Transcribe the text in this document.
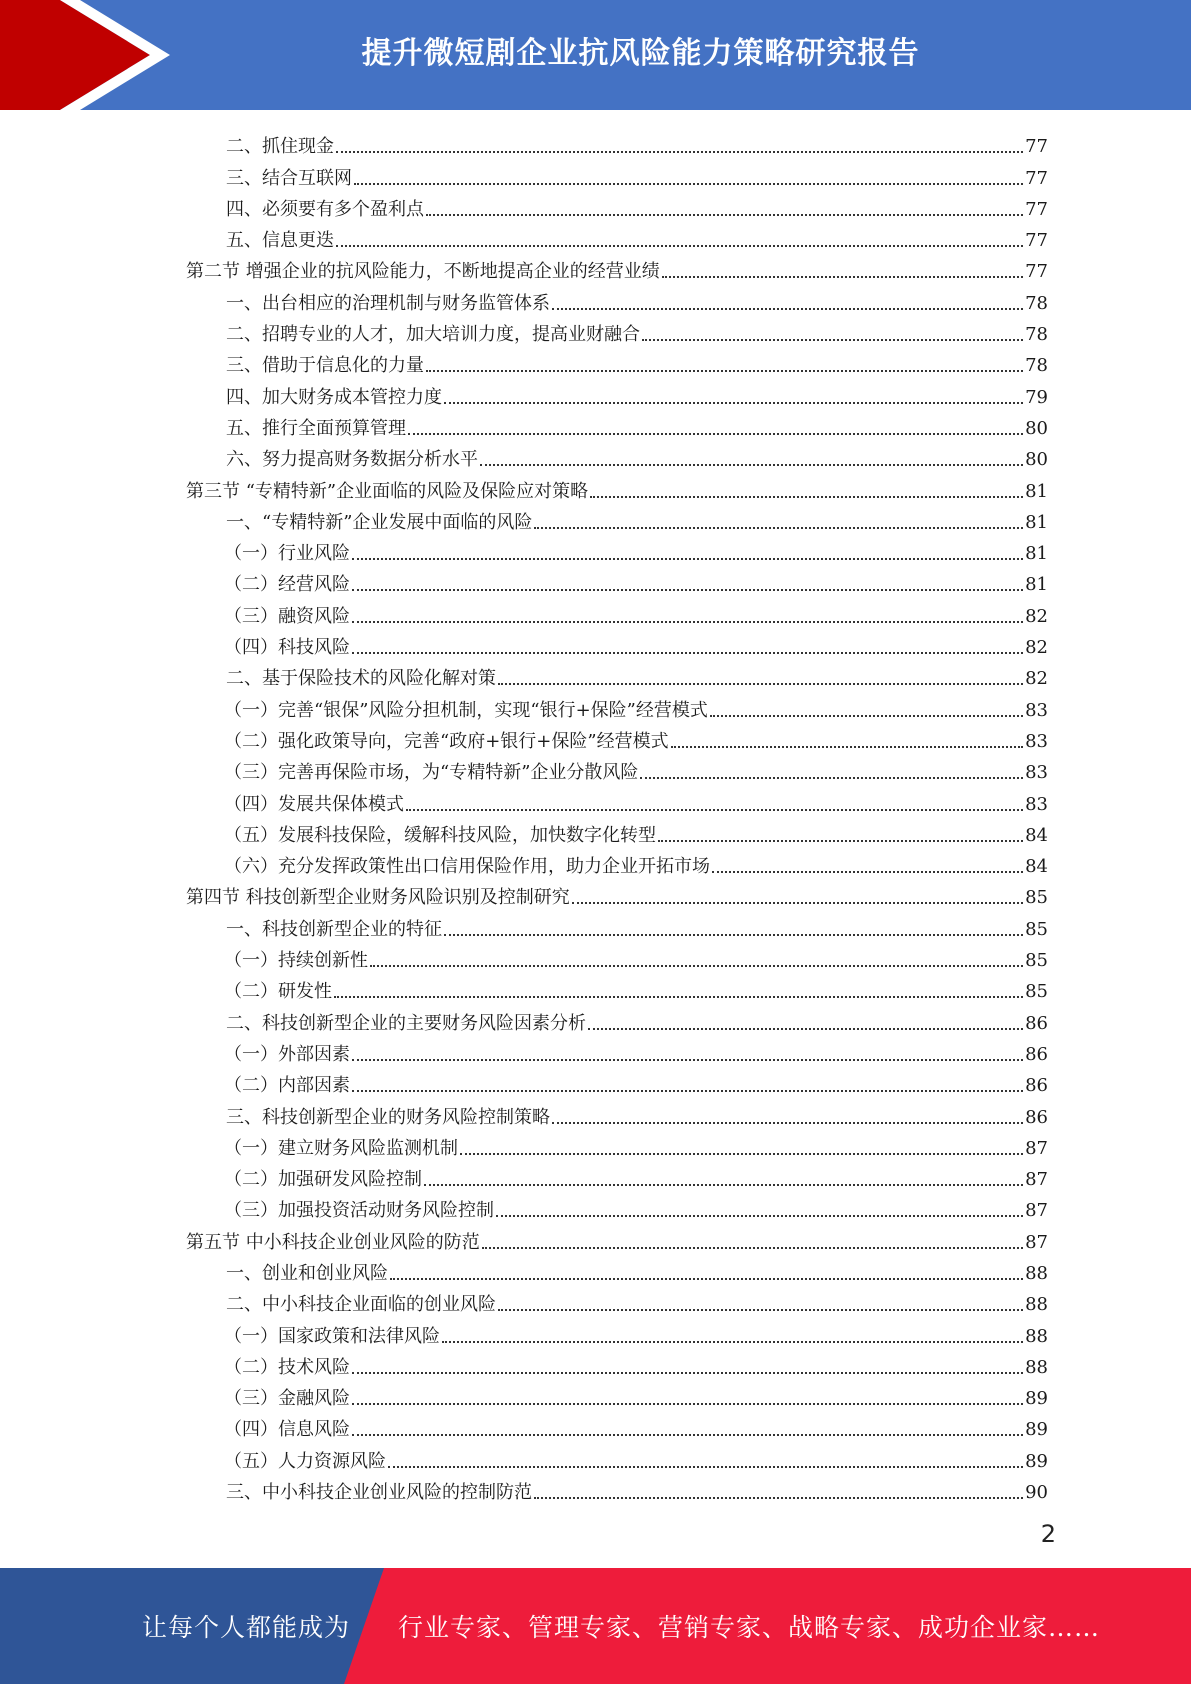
提升微短剧企业抗风险能力策略研究报告
二、抓住现金	77
三、结合互联网	77
四、必须要有多个盈利点	77
五、信息更迭	77
第二节 增强企业的抗风险能力，不断地提高企业的经营业绩	77
一、出台相应的治理机制与财务监管体系	78
二、招聘专业的人才，加大培训力度，提高业财融合	78
三、借助于信息化的力量	78
四、加大财务成本管控力度	79
五、推行全面预算管理	80
六、努力提高财务数据分析水平	80
第三节 “专精特新”企业面临的风险及保险应对策略	81
一、“专精特新”企业发展中面临的风险	81
（一）行业风险	81
（二）经营风险	81
（三）融资风险	82
（四）科技风险	82
二、基于保险技术的风险化解对策	82
（一）完善“银保”风险分担机制，实现“银行+保险”经营模式	83
（二）强化政策导向，完善“政府+银行+保险”经营模式	83
（三）完善再保险市场，为“专精特新”企业分散风险	83
（四）发展共保体模式	83
（五）发展科技保险，缓解科技风险，加快数字化转型	84
（六）充分发挥政策性出口信用保险作用，助力企业开拓市场	84
第四节 科技创新型企业财务风险识别及控制研究	85
一、科技创新型企业的特征	85
（一）持续创新性	85
（二）研发性	85
二、科技创新型企业的主要财务风险因素分析	86
（一）外部因素	86
（二）内部因素	86
三、科技创新型企业的财务风险控制策略	86
（一）建立财务风险监测机制	87
（二）加强研发风险控制	87
（三）加强投资活动财务风险控制	87
第五节 中小科技企业创业风险的防范	87
一、创业和创业风险	88
二、中小科技企业面临的创业风险	88
（一）国家政策和法律风险	88
（二）技术风险	88
（三）金融风险	89
（四）信息风险	89
（五）人力资源风险	89
三、中小科技企业创业风险的控制防范	90
2
让每个人都能成为 行业专家、管理专家、营销专家、战略专家、成功企业家……
